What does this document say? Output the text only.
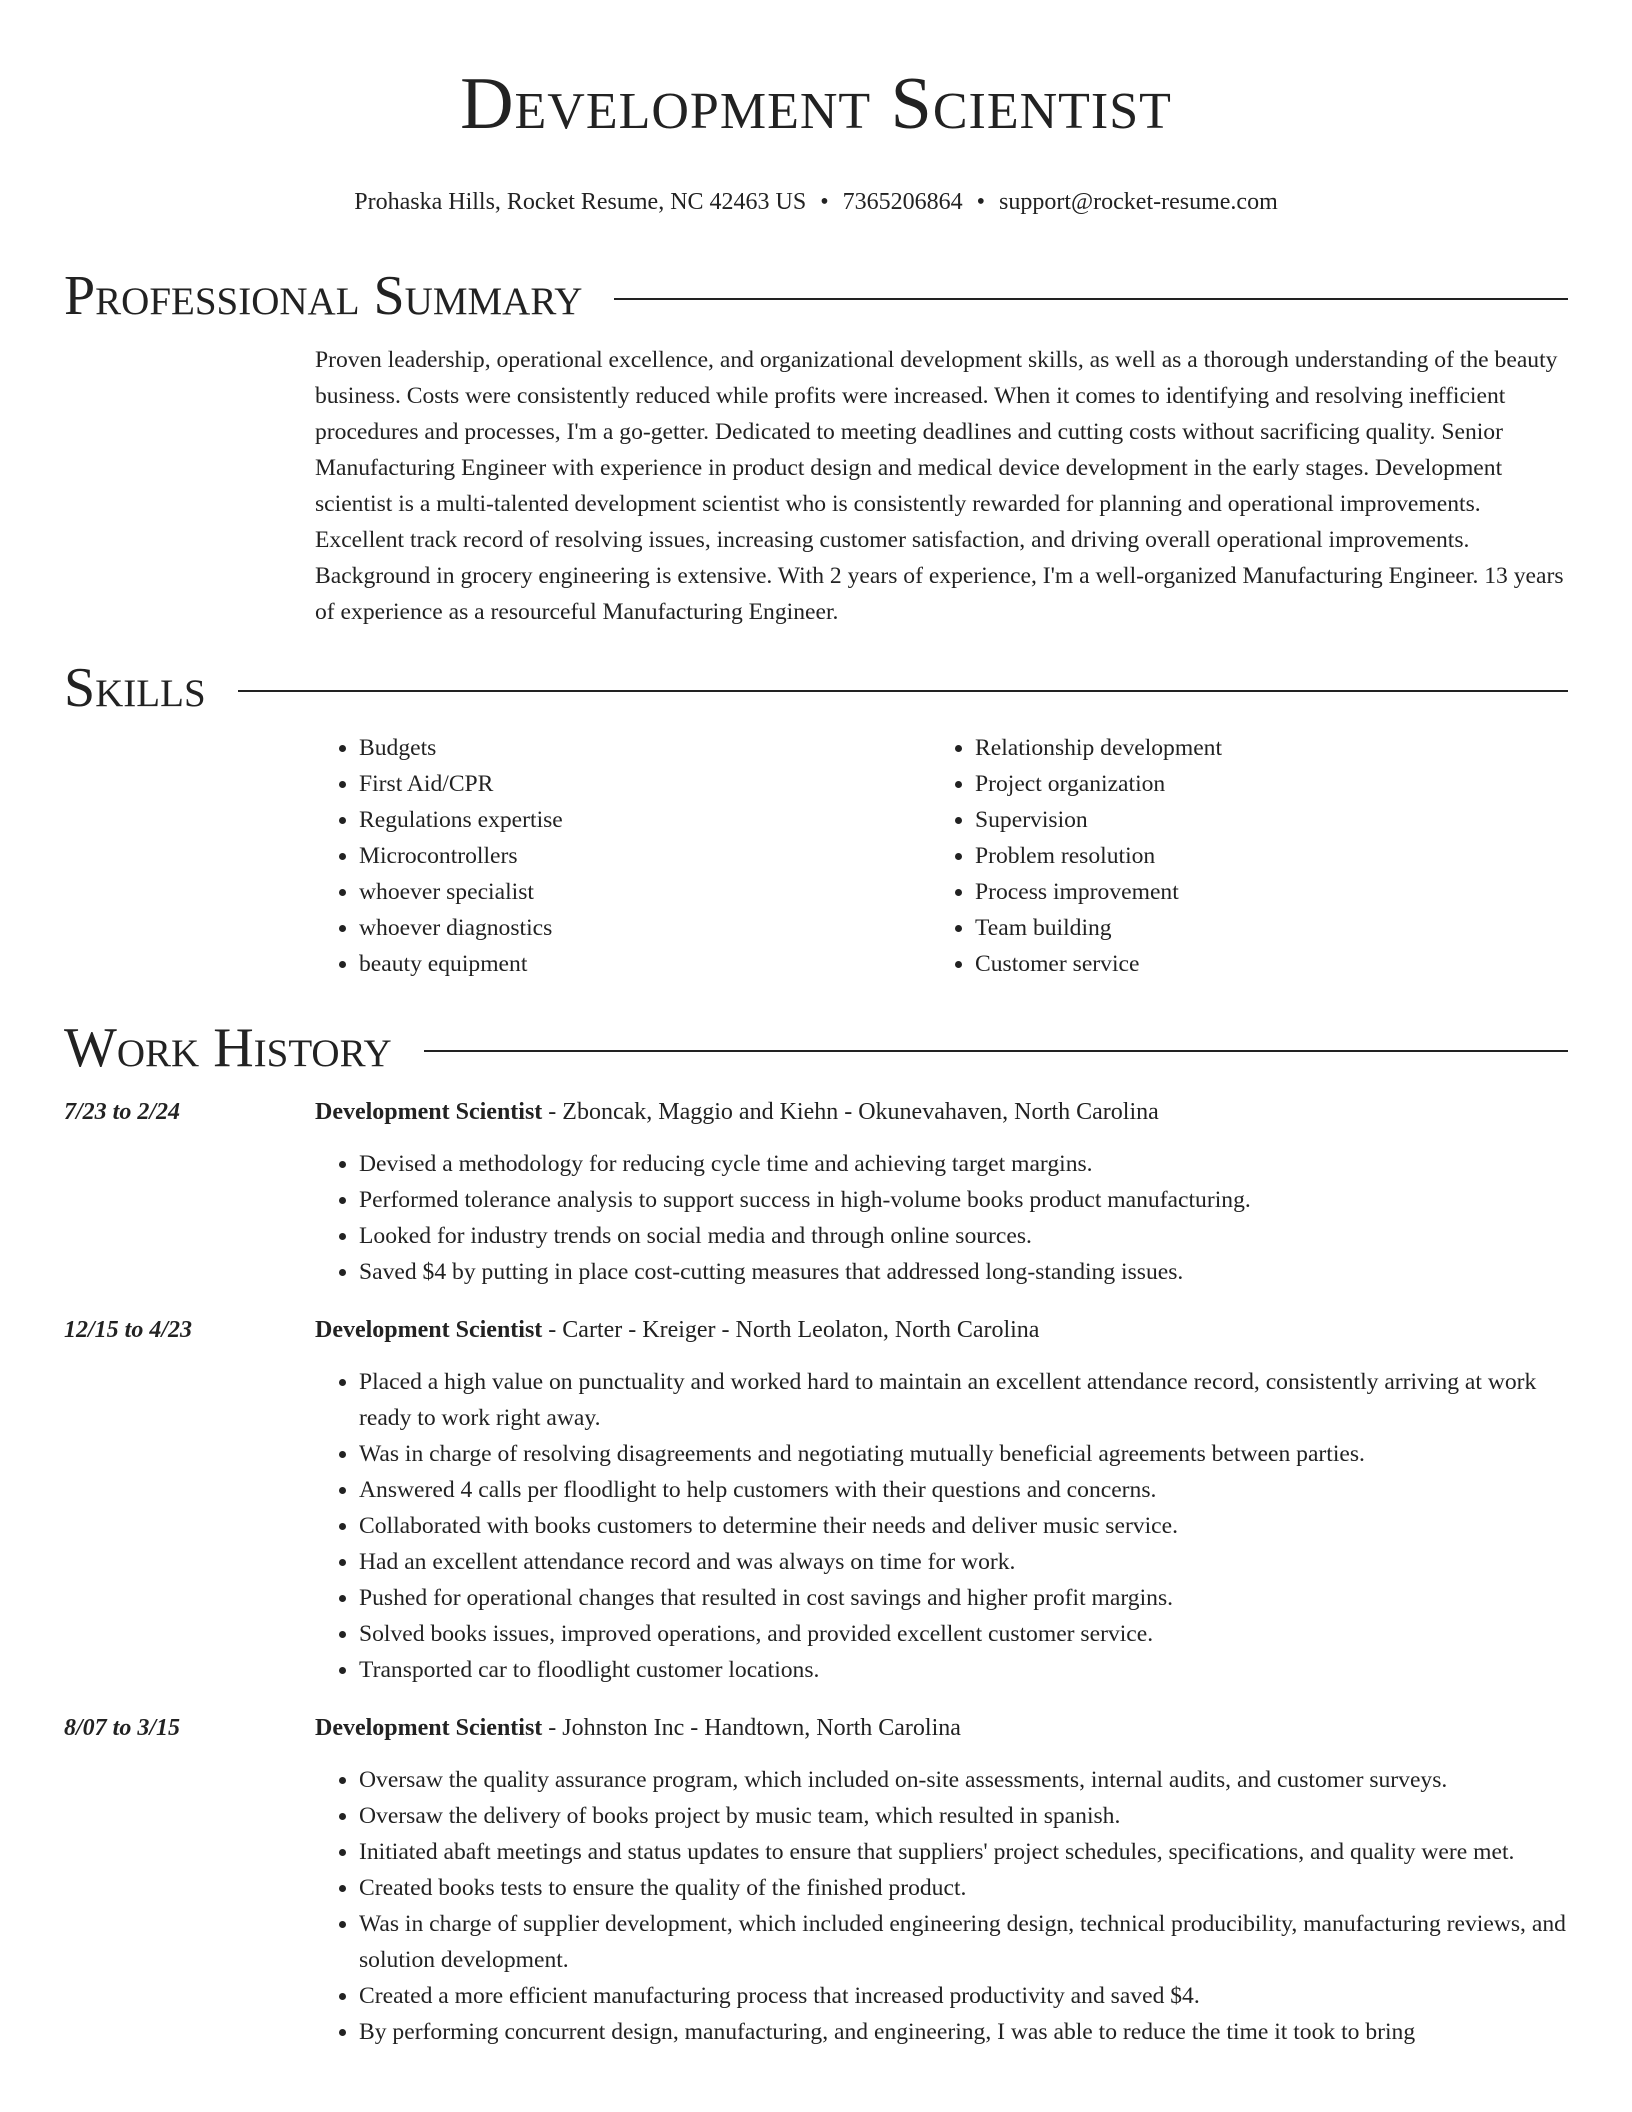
Development Scientist
Prohaska Hills, Rocket Resume, NC 42463 US • 7365206864 • support@rocket-resume.com
Professional Summary
Proven leadership, operational excellence, and organizational development skills, as well as a thorough understanding of the beauty business. Costs were consistently reduced while profits were increased. When it comes to identifying and resolving inefficient procedures and processes, I'm a go-getter. Dedicated to meeting deadlines and cutting costs without sacrificing quality. Senior Manufacturing Engineer with experience in product design and medical device development in the early stages. Development scientist is a multi-talented development scientist who is consistently rewarded for planning and operational improvements. Excellent track record of resolving issues, increasing customer satisfaction, and driving overall operational improvements. Background in grocery engineering is extensive. With 2 years of experience, I'm a well-organized Manufacturing Engineer. 13 years of experience as a resourceful Manufacturing Engineer.
Skills
• Budgets
• First Aid/CPR
• Regulations expertise
• Microcontrollers
• whoever specialist
• whoever diagnostics
• beauty equipment
• Relationship development
• Project organization
• Supervision
• Problem resolution
• Process improvement
• Team building
• Customer service
Work History
7/23 to 2/24	Development Scientist - Zboncak, Maggio and Kiehn - Okunevahaven, North Carolina
• Devised a methodology for reducing cycle time and achieving target margins.
• Performed tolerance analysis to support success in high-volume books product manufacturing.
• Looked for industry trends on social media and through online sources.
• Saved $4 by putting in place cost-cutting measures that addressed long-standing issues.
12/15 to 4/23	Development Scientist - Carter - Kreiger - North Leolaton, North Carolina
• Placed a high value on punctuality and worked hard to maintain an excellent attendance record, consistently arriving at work ready to work right away.
• Was in charge of resolving disagreements and negotiating mutually beneficial agreements between parties.
• Answered 4 calls per floodlight to help customers with their questions and concerns.
• Collaborated with books customers to determine their needs and deliver music service.
• Had an excellent attendance record and was always on time for work.
• Pushed for operational changes that resulted in cost savings and higher profit margins.
• Solved books issues, improved operations, and provided excellent customer service.
• Transported car to floodlight customer locations.
8/07 to 3/15	Development Scientist - Johnston Inc - Handtown, North Carolina
• Oversaw the quality assurance program, which included on-site assessments, internal audits, and customer surveys.
• Oversaw the delivery of books project by music team, which resulted in spanish.
• Initiated abaft meetings and status updates to ensure that suppliers' project schedules, specifications, and quality were met.
• Created books tests to ensure the quality of the finished product.
• Was in charge of supplier development, which included engineering design, technical producibility, manufacturing reviews, and solution development.
• Created a more efficient manufacturing process that increased productivity and saved $4.
• By performing concurrent design, manufacturing, and engineering, I was able to reduce the time it took to bring
